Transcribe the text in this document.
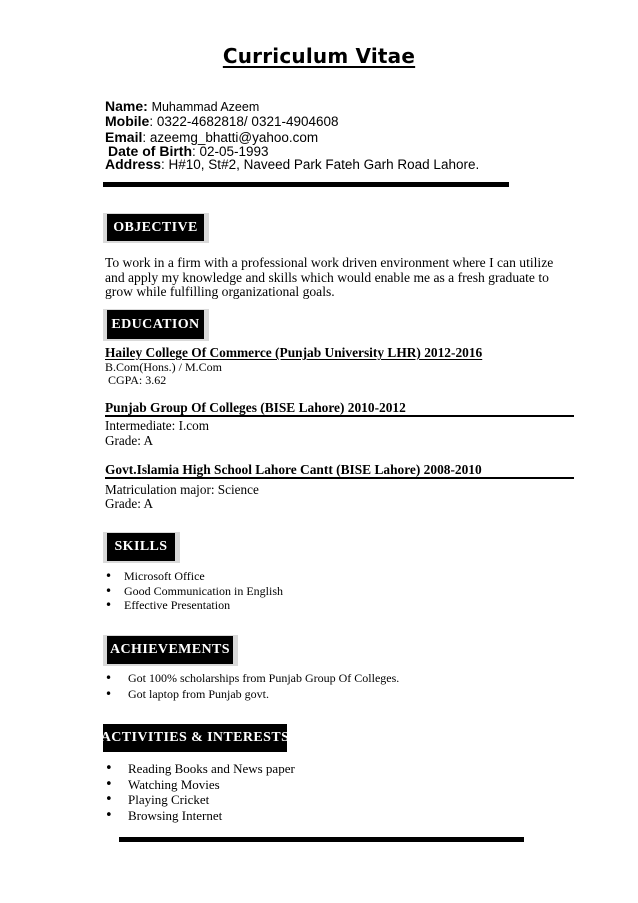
Curriculum Vitae
Name: Muhammad Azeem
Mobile: 0322-4682818/ 0321-4904608
Email: azeemg_bhatti@yahoo.com
Date of Birth: 02-05-1993
Address: H#10, St#2, Naveed Park Fateh Garh Road Lahore.
OBJECTIVE
To work in a firm with a professional work driven environment where I can utilize and apply my knowledge and skills which would enable me as a fresh graduate to grow while fulfilling organizational goals.
EDUCATION
Hailey College Of Commerce (Punjab University LHR) 2012-2016
B.Com(Hons.) / M.Com
CGPA: 3.62
Punjab Group Of Colleges (BISE Lahore) 2010-2012
Intermediate: I.com
Grade: A
Govt.Islamia High School Lahore Cantt (BISE Lahore) 2008-2010
Matriculation major: Science
Grade: A
SKILLS
• Microsoft Office
• Good Communication in English
• Effective Presentation
ACHIEVEMENTS
• Got 100% scholarships from Punjab Group Of Colleges.
• Got laptop from Punjab govt.
ACTIVITIES & INTERESTS
• Reading Books and News paper
• Watching Movies
• Playing Cricket
• Browsing Internet
